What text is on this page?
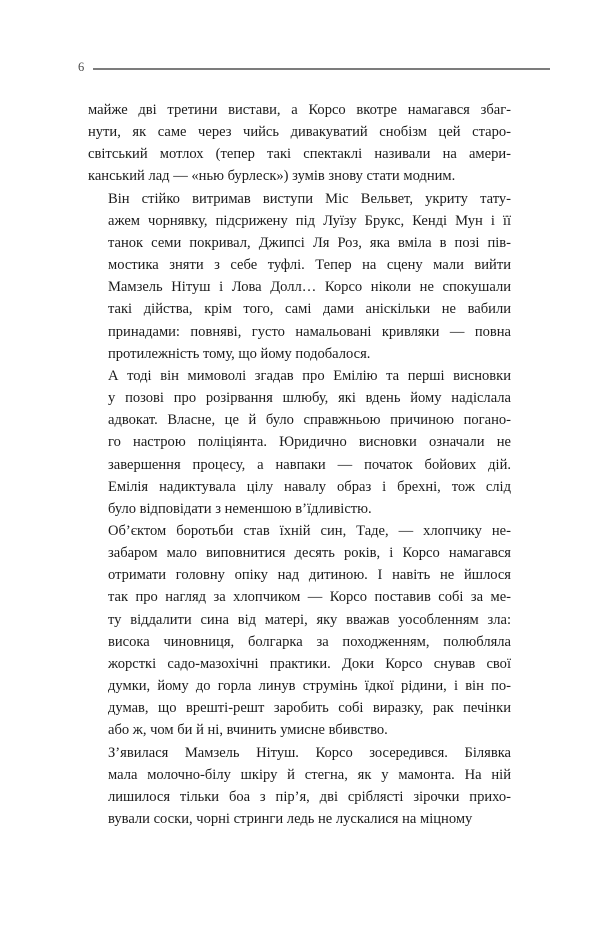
6

майже дві третини вистави, а Корсо вкотре намагався збаг-
нути, як саме через чийсь дивакуватий снобізм цей старо-
світський мотлох (тепер такі спектаклі називали на амери-
канський лад — «нью бурлеск») зумів знову стати модним.

Він стійко витримав виступи Міс Вельвет, укриту тату-
ажем чорнявку, підсрижену під Луїзу Брукс, Кенді Мун і її
танок семи покривал, Джипсі Ля Роз, яка вміла в позі пів-
мостика зняти з себе туфлі. Тепер на сцену мали вийти
Мамзель Нітуш і Лова Долл… Корсо ніколи не спокушали
такі дійства, крім того, самі дами аніскільки не вабили
принадами: повняві, густо намальовані кривляки — повна
протилежність тому, що йому подобалося.

А тоді він мимоволі згадав про Емілію та перші висновки
у позові про розірвання шлюбу, які вдень йому надіслала
адвокат. Власне, це й було справжньою причиною погано-
го настрою поліціянта. Юридично висновки означали не
завершення процесу, а навпаки — початок бойових дій.
Емілія надиктувала цілу навалу образ і брехні, тож слід
було відповідати з неменшою в’їдливістю.

Об’єктом боротьби став їхній син, Таде, — хлопчику не-
забаром мало виповнитися десять років, і Корсо намагався
отримати головну опіку над дитиною. І навіть не йшлося
так про нагляд за хлопчиком — Корсо поставив собі за ме-
ту віддалити сина від матері, яку вважав уособленням зла:
висока чиновниця, болгарка за походженням, полюбляла
жорсткі садо-мазохічні практики. Доки Корсо снував свої
думки, йому до горла линув струмінь їдкої рідини, і він по-
думав, що врешті-решт заробить собі виразку, рак печінки
або ж, чом би й ні, вчинить умисне вбивство.

З’явилася Мамзель Нітуш. Корсо зосередився. Білявка
мала молочно-білу шкіру й стегна, як у мамонта. На ній
лишилося тільки боа з пір’я, дві сріблясті зірочки прихо-
вували соски, чорні стринги ледь не лускалися на міцному
